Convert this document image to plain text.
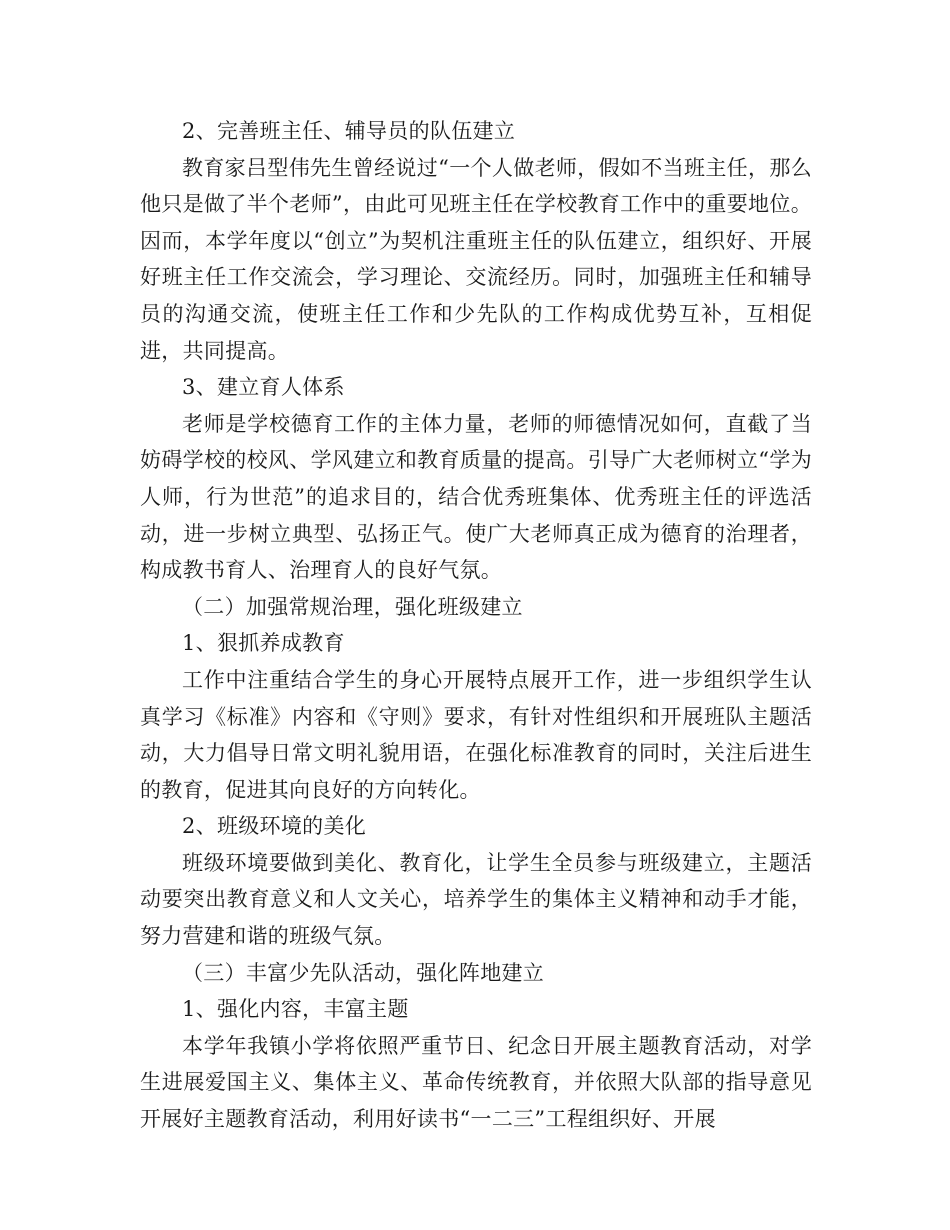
2、完善班主任、辅导员的队伍建立

教育家吕型伟先生曾经说过“一个人做老师，假如不当班主任，那么他只是做了半个老师”，由此可见班主任在学校教育工作中的重要地位。因而，本学年度以“创立”为契机注重班主任的队伍建立，组织好、开展好班主任工作交流会，学习理论、交流经历。同时，加强班主任和辅导员的沟通交流，使班主任工作和少先队的工作构成优势互补，互相促进，共同提高。

3、建立育人体系

老师是学校德育工作的主体力量，老师的师德情况如何，直截了当妨碍学校的校风、学风建立和教育质量的提高。引导广大老师树立“学为人师，行为世范”的追求目的，结合优秀班集体、优秀班主任的评选活动，进一步树立典型、弘扬正气。使广大老师真正成为德育的治理者，构成教书育人、治理育人的良好气氛。

（二）加强常规治理，强化班级建立

1、狠抓养成教育

工作中注重结合学生的身心开展特点展开工作，进一步组织学生认真学习《标准》内容和《守则》要求，有针对性组织和开展班队主题活动，大力倡导日常文明礼貌用语，在强化标准教育的同时，关注后进生的教育，促进其向良好的方向转化。

2、班级环境的美化

班级环境要做到美化、教育化，让学生全员参与班级建立，主题活动要突出教育意义和人文关心，培养学生的集体主义精神和动手才能，努力营建和谐的班级气氛。

（三）丰富少先队活动，强化阵地建立

1、强化内容，丰富主题

本学年我镇小学将依照严重节日、纪念日开展主题教育活动，对学生进展爱国主义、集体主义、革命传统教育，并依照大队部的指导意见开展好主题教育活动，利用好读书“一二三”工程组织好、开展
